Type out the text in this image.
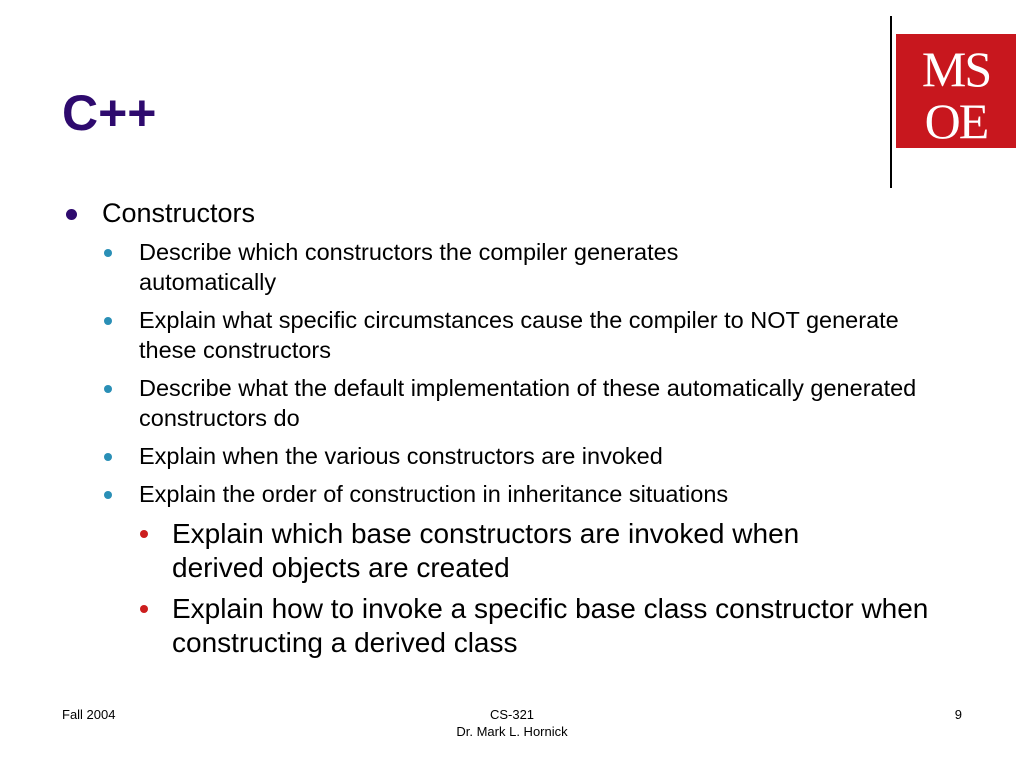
C++
MS
OE
Constructors
Describe which constructors the compiler generates automatically
Explain what specific circumstances cause the compiler to NOT generate these constructors
Describe what the default implementation of these automatically generated constructors do
Explain when the various constructors are invoked
Explain the order of construction in inheritance situations
Explain which base constructors are invoked when derived objects are created
Explain how to invoke a specific base class constructor when constructing a derived class
Fall 2004	CS-321
Dr. Mark L. Hornick
9
